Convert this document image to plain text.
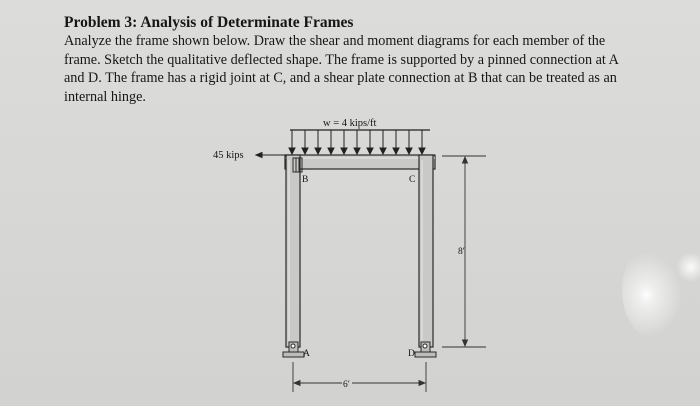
Problem 3: Analysis of Determinate Frames

Analyze the frame shown below. Draw the shear and moment diagrams for each member of the

frame. Sketch the qualitative deflected shape. The frame is supported by a pinned connection at A

and D. The frame has a rigid joint at C, and a shear plate connection at B that can be treated as an

internal hinge.

w = 4 kips/ft
B	C
45 kips
A	D
8′
6′
